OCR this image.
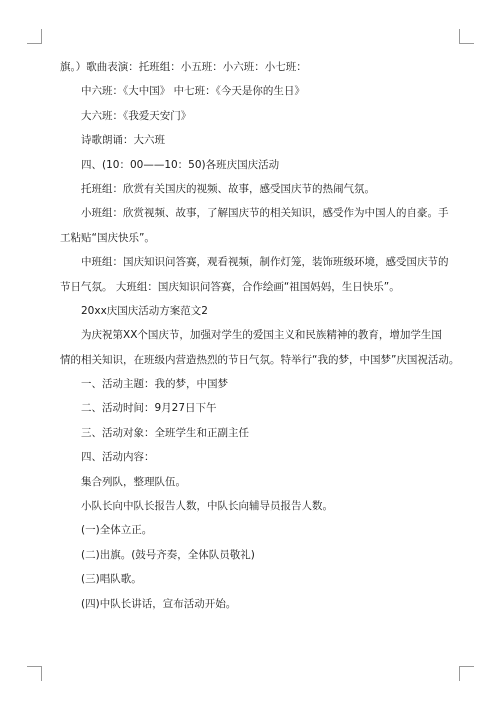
旗。）歌曲表演：托班组：小五班：小六班：小七班：
中六班：《大中国》 中七班：《今天是你的生日》
大六班：《我爱天安门》
诗歌朗诵：大六班
四、(10：00——10：50)各班庆国庆活动
托班组：欣赏有关国庆的视频、故事，感受国庆节的热闹气氛。
小班组：欣赏视频、故事，了解国庆节的相关知识，感受作为中国人的自豪。手
工粘贴“国庆快乐”。
中班组：国庆知识问答赛，观看视频，制作灯笼，装饰班级环境，感受国庆节的
节日气氛。 大班组：国庆知识问答赛，合作绘画“祖国妈妈，生日快乐”。
20xx庆国庆活动方案范文2
为庆祝第XX个国庆节，加强对学生的爱国主义和民族精神的教育，增加学生国
情的相关知识，在班级内营造热烈的节日气氛。特举行“我的梦，中国梦”庆国祝活动。
一、活动主题：我的梦，中国梦
二、活动时间：9月27日下午
三、活动对象：全班学生和正副主任
四、活动内容：
集合列队，整理队伍。
小队长向中队长报告人数，中队长向辅导员报告人数。
(一)全体立正。
(二)出旗。(鼓号齐奏，全体队员敬礼)
(三)唱队歌。
(四)中队长讲话，宣布活动开始。
